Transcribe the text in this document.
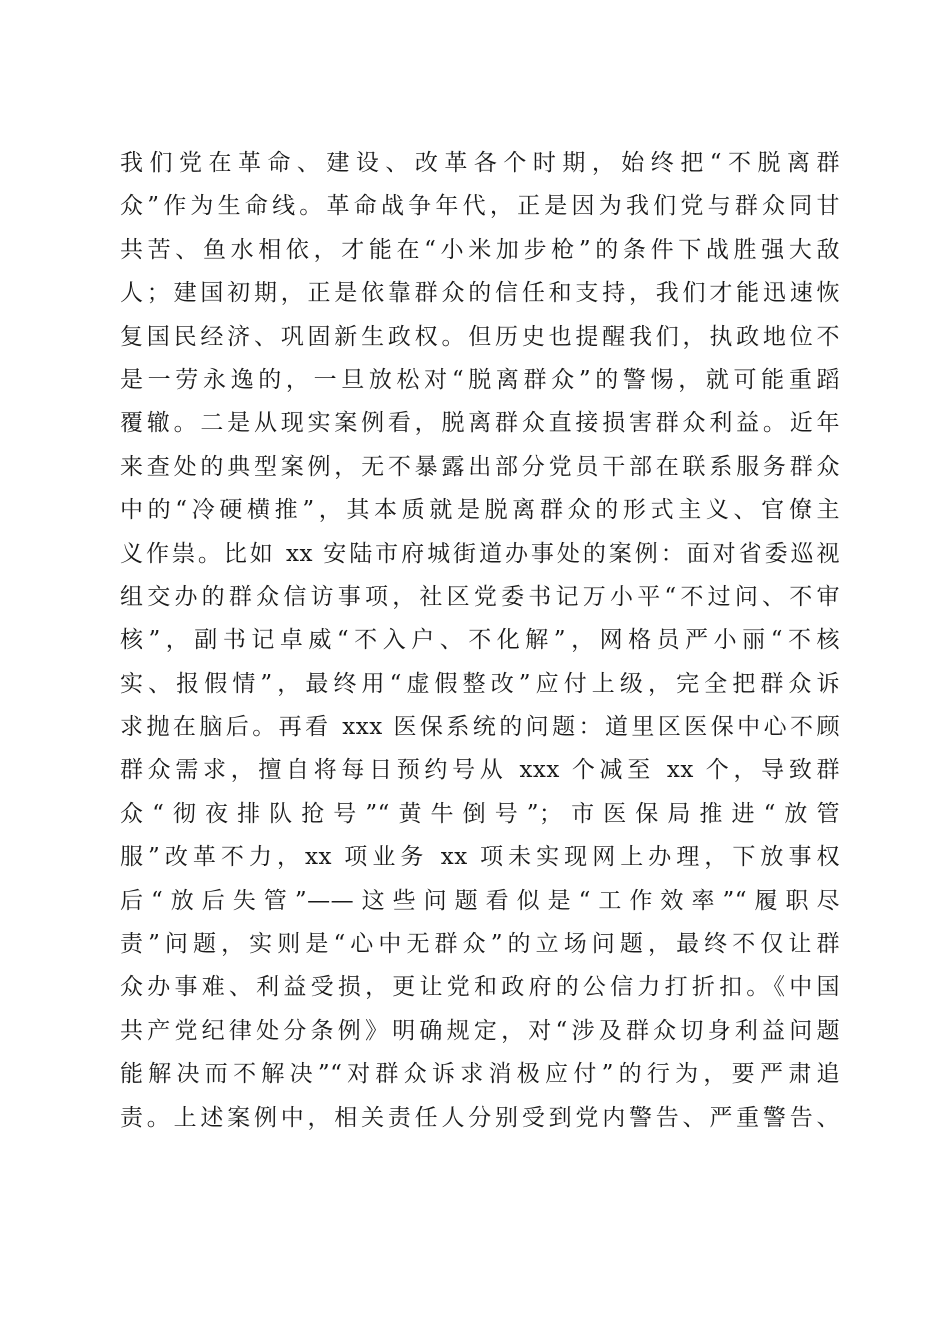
我们党在革命、建设、改革各个时期，始终把“不脱离群
众”作为生命线。革命战争年代，正是因为我们党与群众同甘
共苦、鱼水相依，才能在“小米加步枪”的条件下战胜强大敌
人；建国初期，正是依靠群众的信任和支持，我们才能迅速恢
复国民经济、巩固新生政权。但历史也提醒我们，执政地位不
是一劳永逸的，一旦放松对“脱离群众”的警惕，就可能重蹈
覆辙。二是从现实案例看，脱离群众直接损害群众利益。近年
来查处的典型案例，无不暴露出部分党员干部在联系服务群众
中的“冷硬横推”，其本质就是脱离群众的形式主义、官僚主
义作祟。比如 xx 安陆市府城街道办事处的案例：面对省委巡视
组交办的群众信访事项，社区党委书记万小平“不过问、不审
核”，副书记卓威“不入户、不化解”，网格员严小丽“不核
实、报假情”，最终用“虚假整改”应付上级，完全把群众诉
求抛在脑后。再看 xxx 医保系统的问题：道里区医保中心不顾
群众需求，擅自将每日预约号从 xxx 个减至 xx 个，导致群
众“彻夜排队抢号”“黄牛倒号”；市医保局推进“放管
服”改革不力，xx 项业务 xx 项未实现网上办理，下放事权
后“放后失管”——这些问题看似是“工作效率”“履职尽
责”问题，实则是“心中无群众”的立场问题，最终不仅让群
众办事难、利益受损，更让党和政府的公信力打折扣。《中国
共产党纪律处分条例》明确规定，对“涉及群众切身利益问题
能解决而不解决”“对群众诉求消极应付”的行为，要严肃追
责。上述案例中，相关责任人分别受到党内警告、严重警告、
